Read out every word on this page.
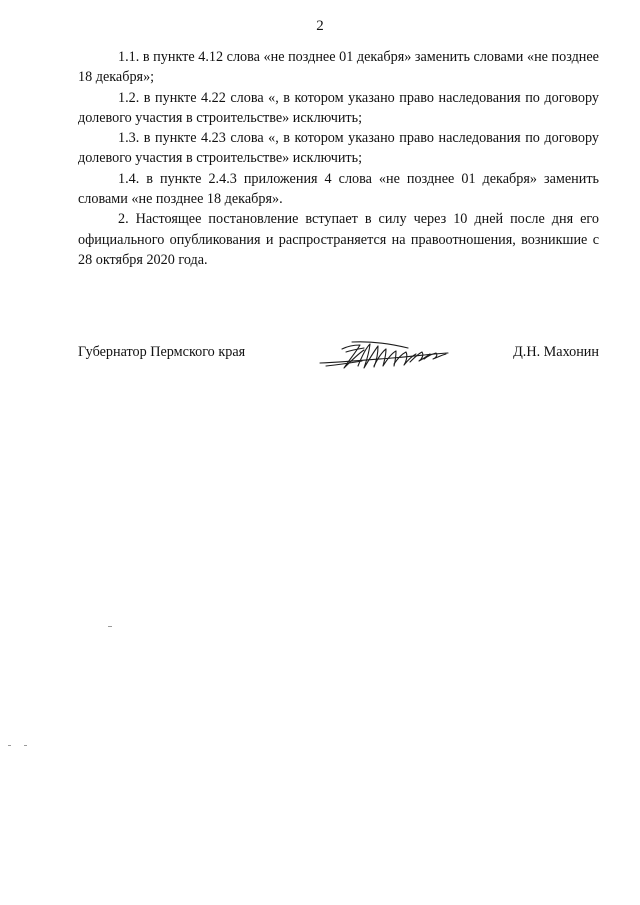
2

1.1. в пункте 4.12 слова «не позднее 01 декабря» заменить словами «не позднее 18 декабря»;

1.2. в пункте 4.22 слова «, в котором указано право наследования по договору долевого участия в строительстве» исключить;

1.3. в пункте 4.23 слова «, в котором указано право наследования по договору долевого участия в строительстве» исключить;

1.4. в пункте 2.4.3 приложения 4 слова «не позднее 01 декабря» заменить словами «не позднее 18 декабря».

2. Настоящее постановление вступает в силу через 10 дней после дня его официального опубликования и распространяется на правоотношения, возникшие с 28 октября 2020 года.

Губернатор Пермского края	Д.Н. Махонин
